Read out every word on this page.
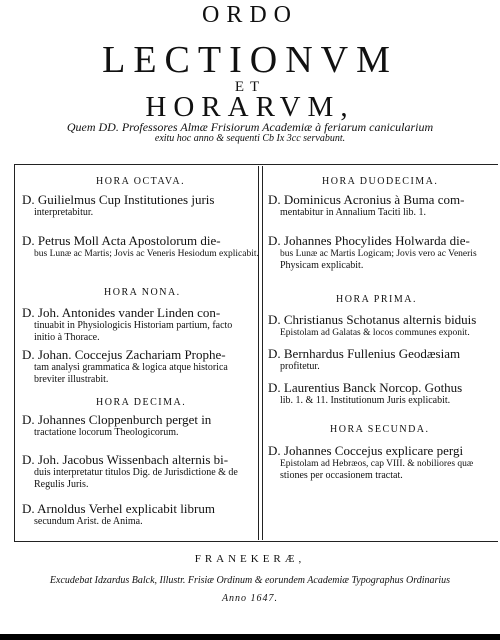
ORDO
LECTIONVM
ET
HORARVM,
Quem DD. Professores Almæ Frisiorum Academiæ à feriarum canicularium
exitu hoc anno & sequenti Cb Ix 3cc servabunt.
HORA OCTAVA.
D. Guilielmus Cup Institutiones juris
interpretabitur.
D. Petrus Moll Acta Apostolorum die-
bus Lunæ ac Martis; Jovis ac Veneris Hesiodum explicabit.
HORA NONA.
D. Joh. Antonides vander Linden con-
tinuabit in Physiologicis Historiam partium, facto
initio à Thorace.
D. Johan. Coccejus Zachariam Prophe-
tam analysi grammatica & logica atque historica
breviter illustrabit.
HORA DECIMA.
D. Johannes Cloppenburch perget in
tractatione locorum Theologicorum.
D. Joh. Jacobus Wissenbach alternis bi-
duis interpretatur titulos Dig. de Jurisdictione & de
Regulis Juris.
D. Arnoldus Verhel explicabit librum
secundum Arist. de Anima.
HORA DUODECIMA.
D. Dominicus Acronius à Buma com-
mentabitur in Annalium Taciti lib. 1.
D. Johannes Phocylides Holwarda die-
bus Lunæ ac Martis Logicam; Jovis vero ac Veneris
Physicam explicabit.
HORA PRIMA.
D. Christianus Schotanus alternis biduis
Epistolam ad Galatas & locos communes exponit.
D. Bernhardus Fullenius Geodæsiam
profitetur.
D. Laurentius Banck Norcop. Gothus
lib. 1. & 11. Institutionum Juris explicabit.
HORA SECUNDA.
D. Johannes Coccejus explicare pergi
Epistolam ad Hebræos, cap VIII. & nobiliores quæ
stiones per occasionem tractat.
FRANEKERÆ,
Excudebat Idzardus Balck, Illustr. Frisiæ Ordinum & eorundem Academiæ Typographus Ordinarius
Anno 1647.
